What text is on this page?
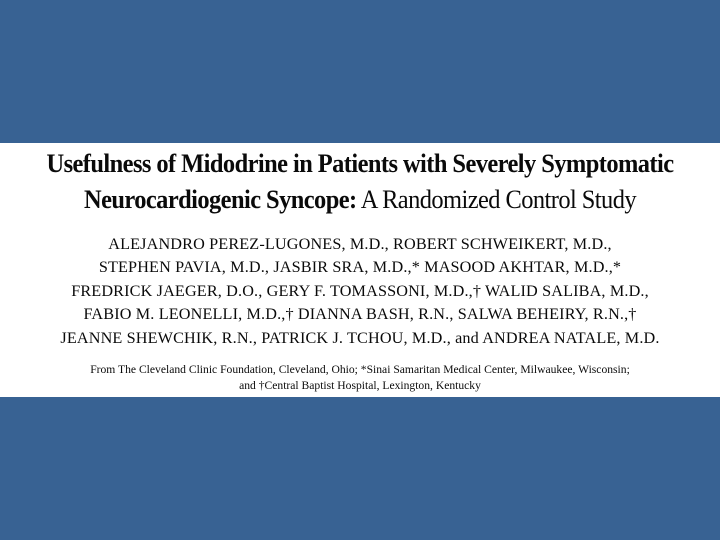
Usefulness of Midodrine in Patients with Severely Symptomatic
Neurocardiogenic Syncope: A Randomized Control Study
ALEJANDRO PEREZ-LUGONES, M.D., ROBERT SCHWEIKERT, M.D.,
STEPHEN PAVIA, M.D., JASBIR SRA, M.D.,* MASOOD AKHTAR, M.D.,*
FREDRICK JAEGER, D.O., GERY F. TOMASSONI, M.D.,† WALID SALIBA, M.D.,
FABIO M. LEONELLI, M.D.,† DIANNA BASH, R.N., SALWA BEHEIRY, R.N.,†
JEANNE SHEWCHIK, R.N., PATRICK J. TCHOU, M.D., and ANDREA NATALE, M.D.
From The Cleveland Clinic Foundation, Cleveland, Ohio; *Sinai Samaritan Medical Center, Milwaukee, Wisconsin;
and †Central Baptist Hospital, Lexington, Kentucky
